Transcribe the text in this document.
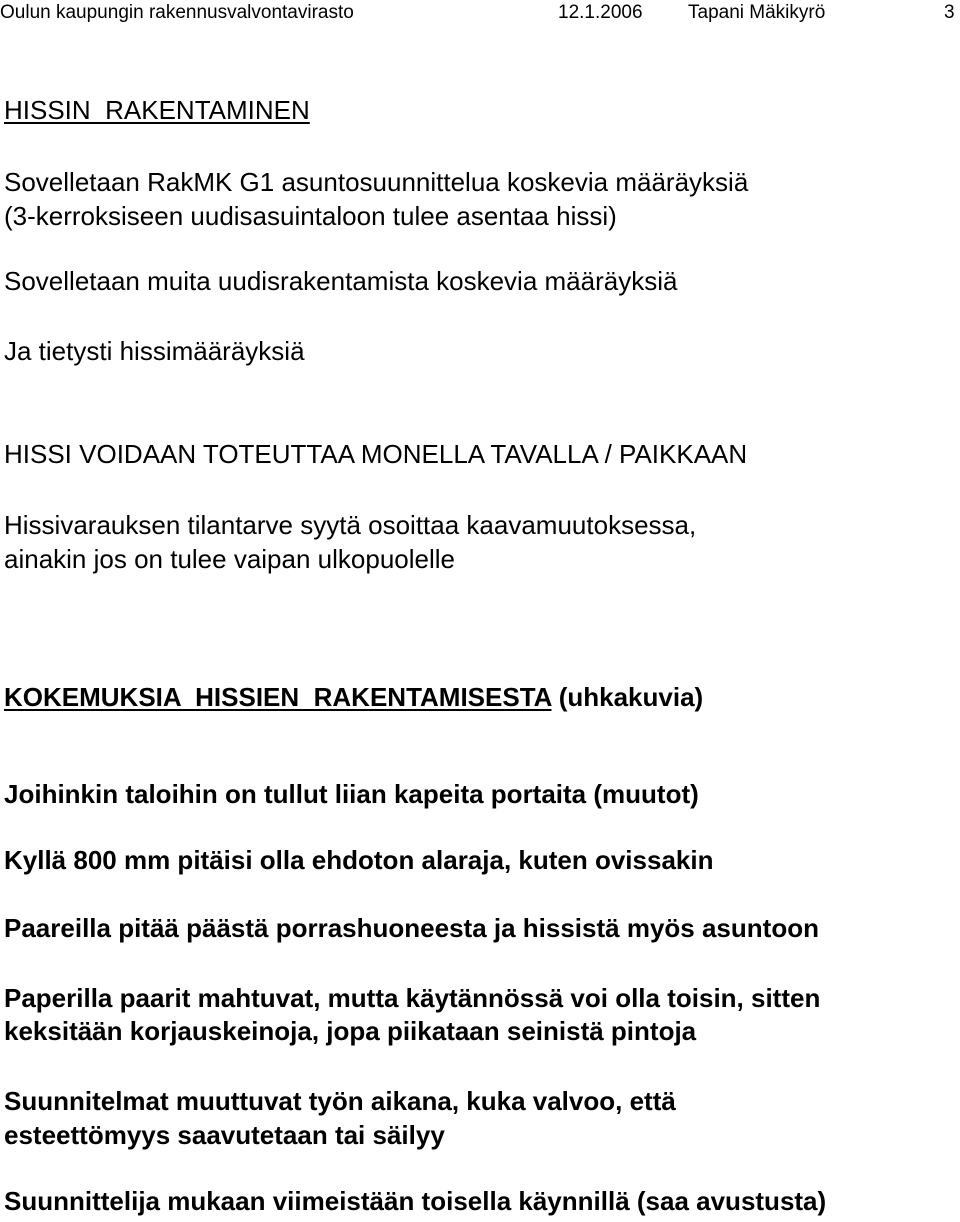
Oulun kaupungin rakennusvalvontavirasto	12.1.2006 Tapani Mäkikyrö	3
HISSIN  RAKENTAMINEN
Sovelletaan RakMK G1 asuntosuunnittelua koskevia määräyksiä
(3-kerroksiseen uudisasuintaloon tulee asentaa hissi)
Sovelletaan muita uudisrakentamista koskevia määräyksiä
Ja tietysti hissimääräyksiä
HISSI VOIDAAN TOTEUTTAA MONELLA TAVALLA / PAIKKAAN
Hissivarauksen tilantarve syytä osoittaa kaavamuutoksessa,
ainakin jos on tulee vaipan ulkopuolelle
KOKEMUKSIA  HISSIEN  RAKENTAMISESTA (uhkakuvia)
Joihinkin taloihin on tullut liian kapeita portaita (muutot)
Kyllä 800 mm pitäisi olla ehdoton alaraja, kuten ovissakin
Paareilla pitää päästä porrashuoneesta ja hissistä myös asuntoon
Paperilla paarit mahtuvat, mutta käytännössä voi olla toisin, sitten
keksitään korjauskeinoja, jopa piikataan seinistä pintoja
Suunnitelmat muuttuvat työn aikana, kuka valvoo, että
esteettömyys saavutetaan tai säilyy
Suunnittelija mukaan viimeistään toisella käynnillä (saa avustusta)
